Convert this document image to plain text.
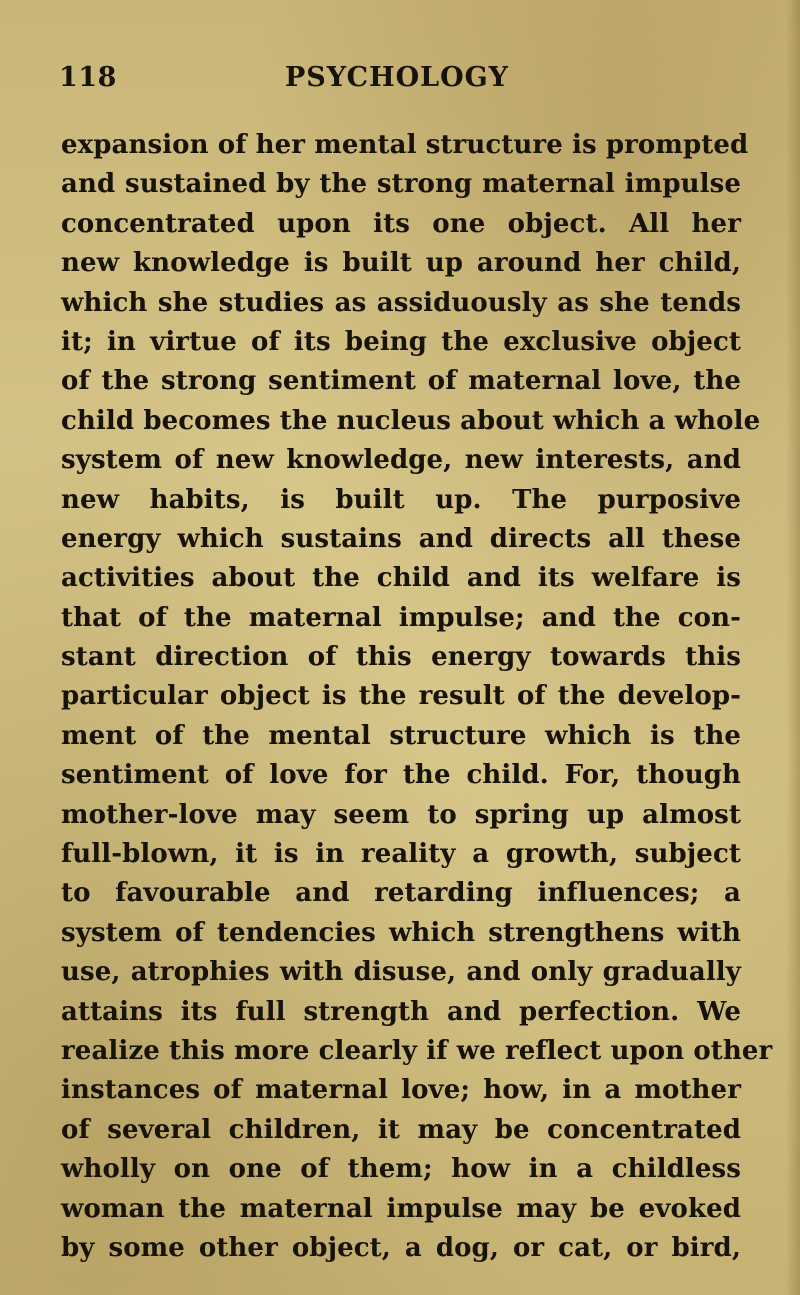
118	PSYCHOLOGY
expansion of her mental structure is prompted
and sustained by the strong maternal impulse
concentrated upon its one object. All her
new knowledge is built up around her child,
which she studies as assiduously as she tends
it; in virtue of its being the exclusive object
of the strong sentiment of maternal love, the
child becomes the nucleus about which a whole
system of new knowledge, new interests, and
new habits, is built up. The purposive
energy which sustains and directs all these
activities about the child and its welfare is
that of the maternal impulse; and the con-
stant direction of this energy towards this
particular object is the result of the develop-
ment of the mental structure which is the
sentiment of love for the child. For, though
mother-love may seem to spring up almost
full-blown, it is in reality a growth, subject
to favourable and retarding influences; a
system of tendencies which strengthens with
use, atrophies with disuse, and only gradually
attains its full strength and perfection. We
realize this more clearly if we reflect upon other
instances of maternal love; how, in a mother
of several children, it may be concentrated
wholly on one of them; how in a childless
woman the maternal impulse may be evoked
by some other object, a dog, or cat, or bird,
